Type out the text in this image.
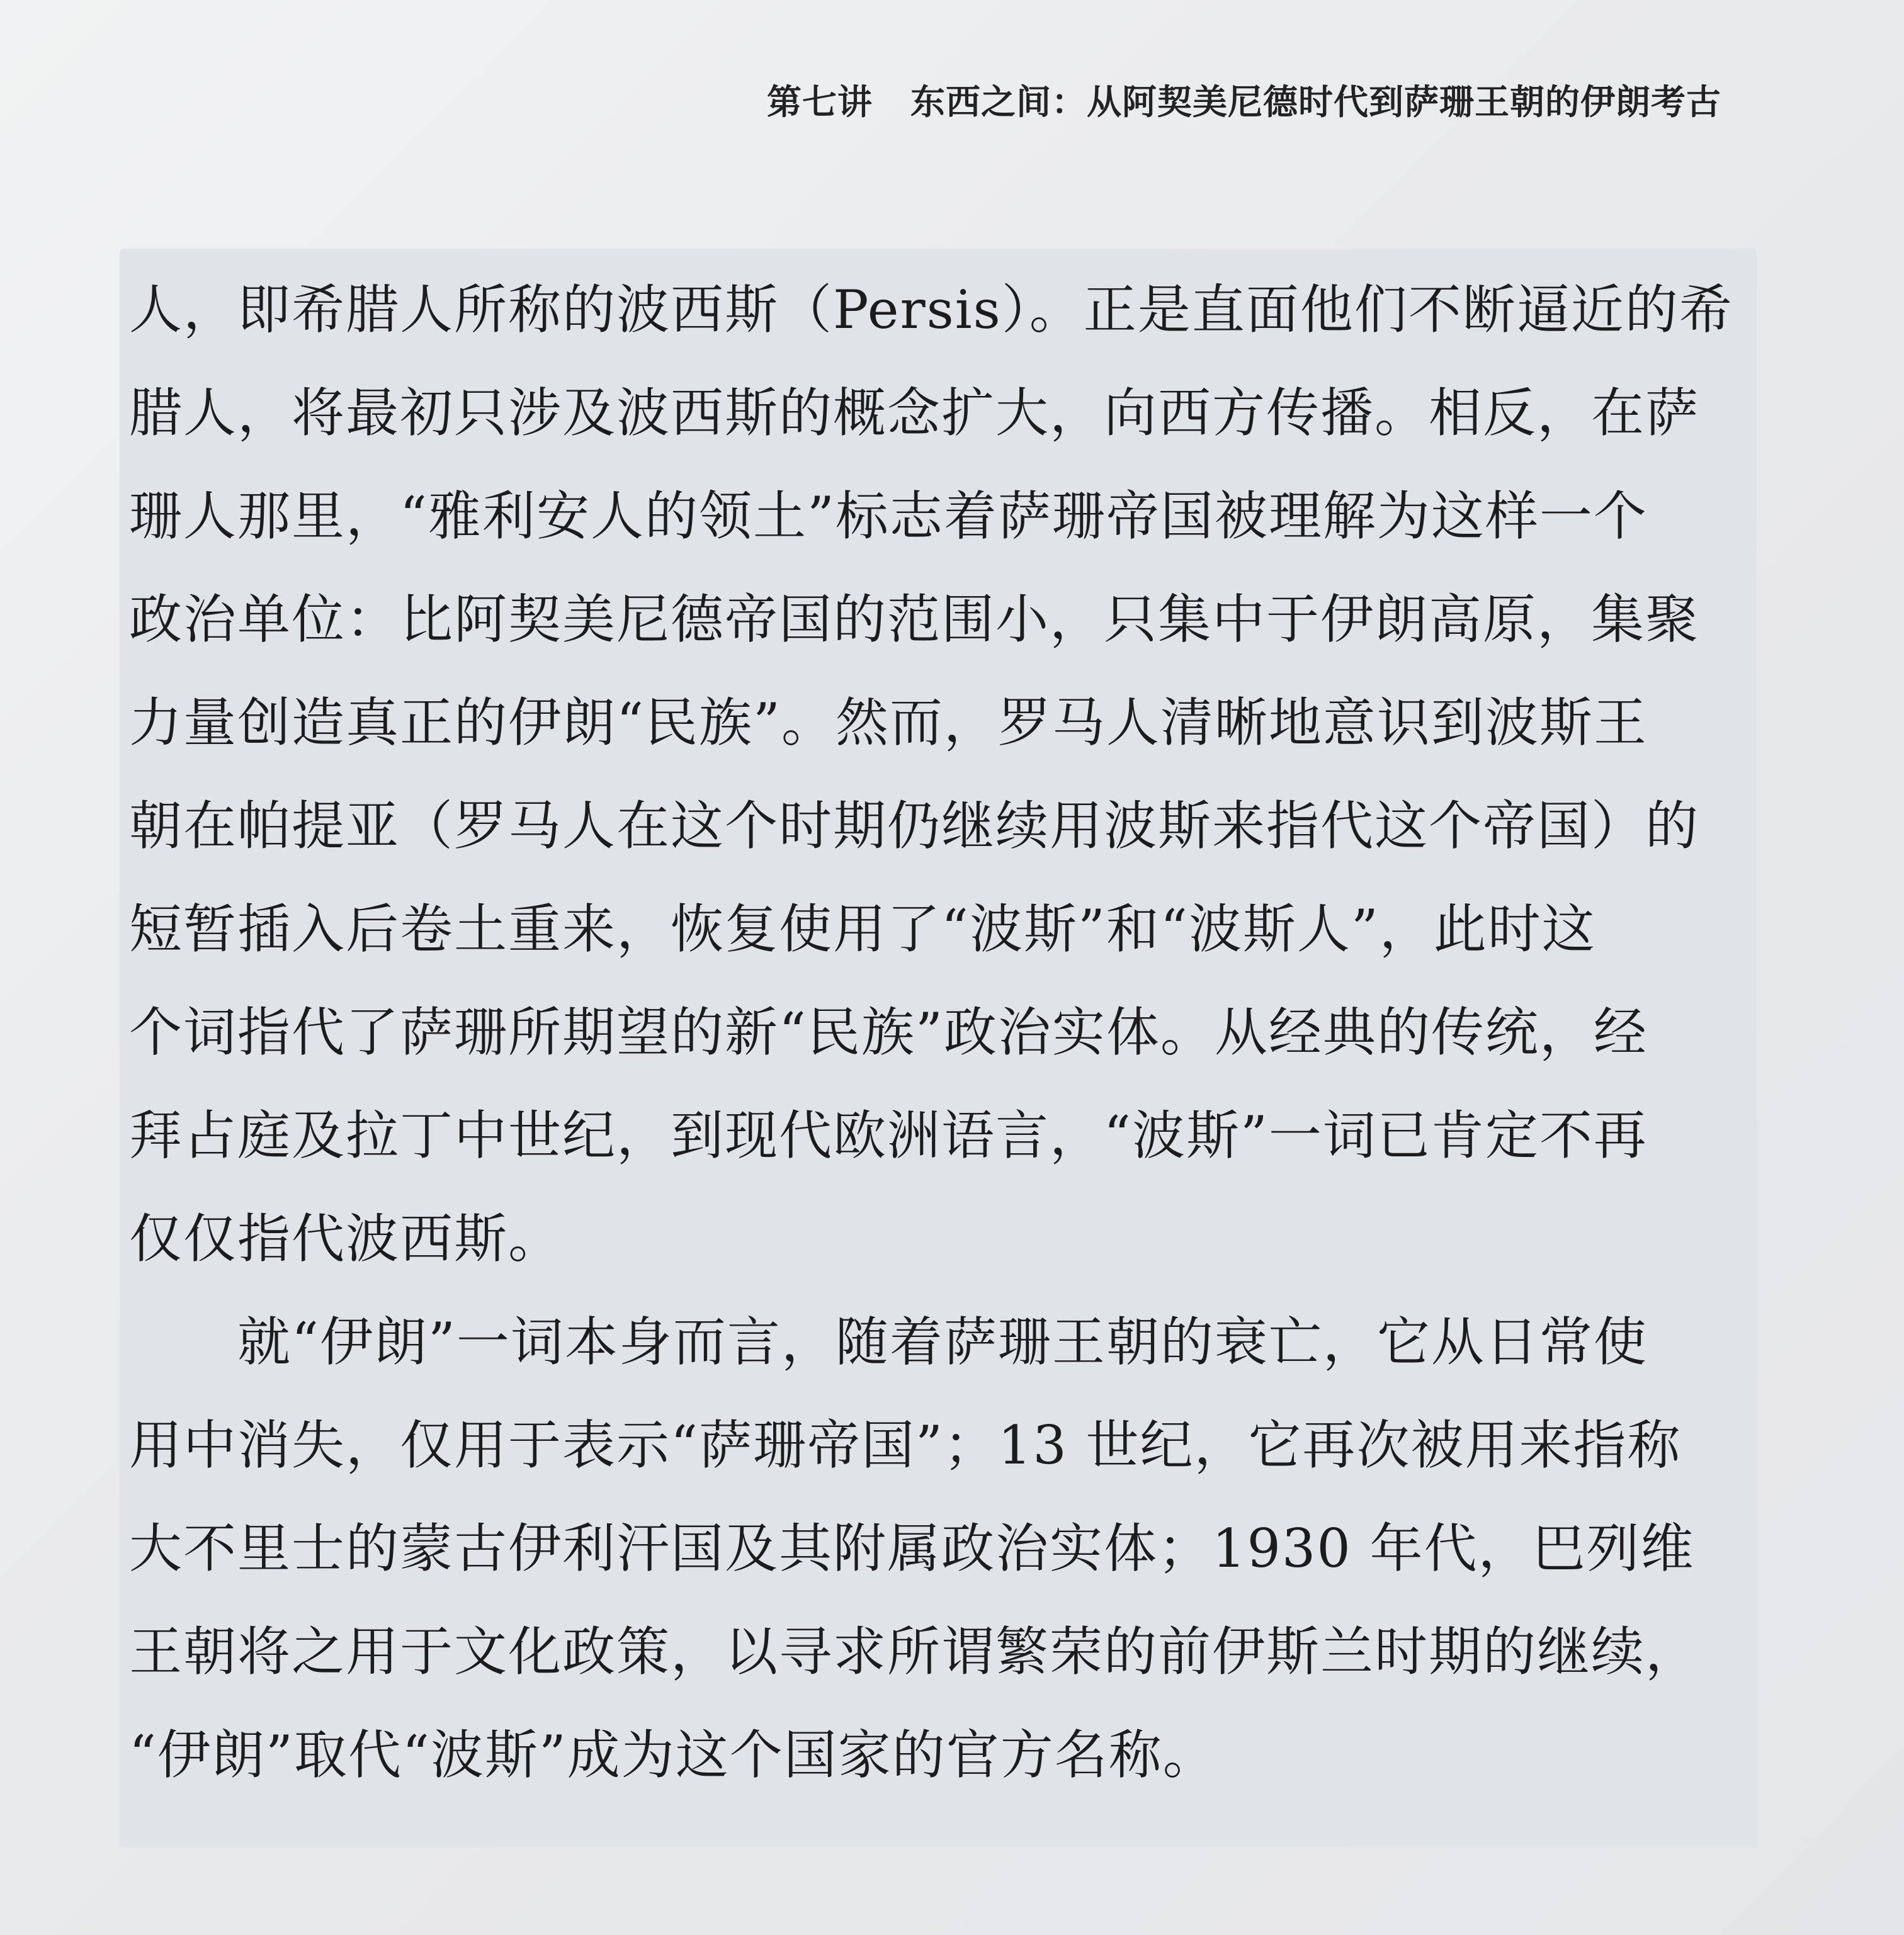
第七讲 东西之间：从阿契美尼德时代到萨珊王朝的伊朗考古
人，即希腊人所称的波西斯（Persis）。正是直面他们不断逼近的希
腊人，将最初只涉及波西斯的概念扩大，向西方传播。相反，在萨
珊人那里，“雅利安人的领土”标志着萨珊帝国被理解为这样一个
政治单位：比阿契美尼德帝国的范围小，只集中于伊朗高原，集聚
力量创造真正的伊朗“民族”。然而，罗马人清晰地意识到波斯王
朝在帕提亚（罗马人在这个时期仍继续用波斯来指代这个帝国）的
短暂插入后卷土重来，恢复使用了“波斯”和“波斯人”，此时这
个词指代了萨珊所期望的新“民族”政治实体。从经典的传统，经
拜占庭及拉丁中世纪，到现代欧洲语言，“波斯”一词已肯定不再
仅仅指代波西斯。
就“伊朗”一词本身而言，随着萨珊王朝的衰亡，它从日常使
用中消失，仅用于表示“萨珊帝国”；13 世纪，它再次被用来指称
大不里士的蒙古伊利汗国及其附属政治实体；1930 年代，巴列维
王朝将之用于文化政策，以寻求所谓繁荣的前伊斯兰时期的继续，
“伊朗”取代“波斯”成为这个国家的官方名称。
